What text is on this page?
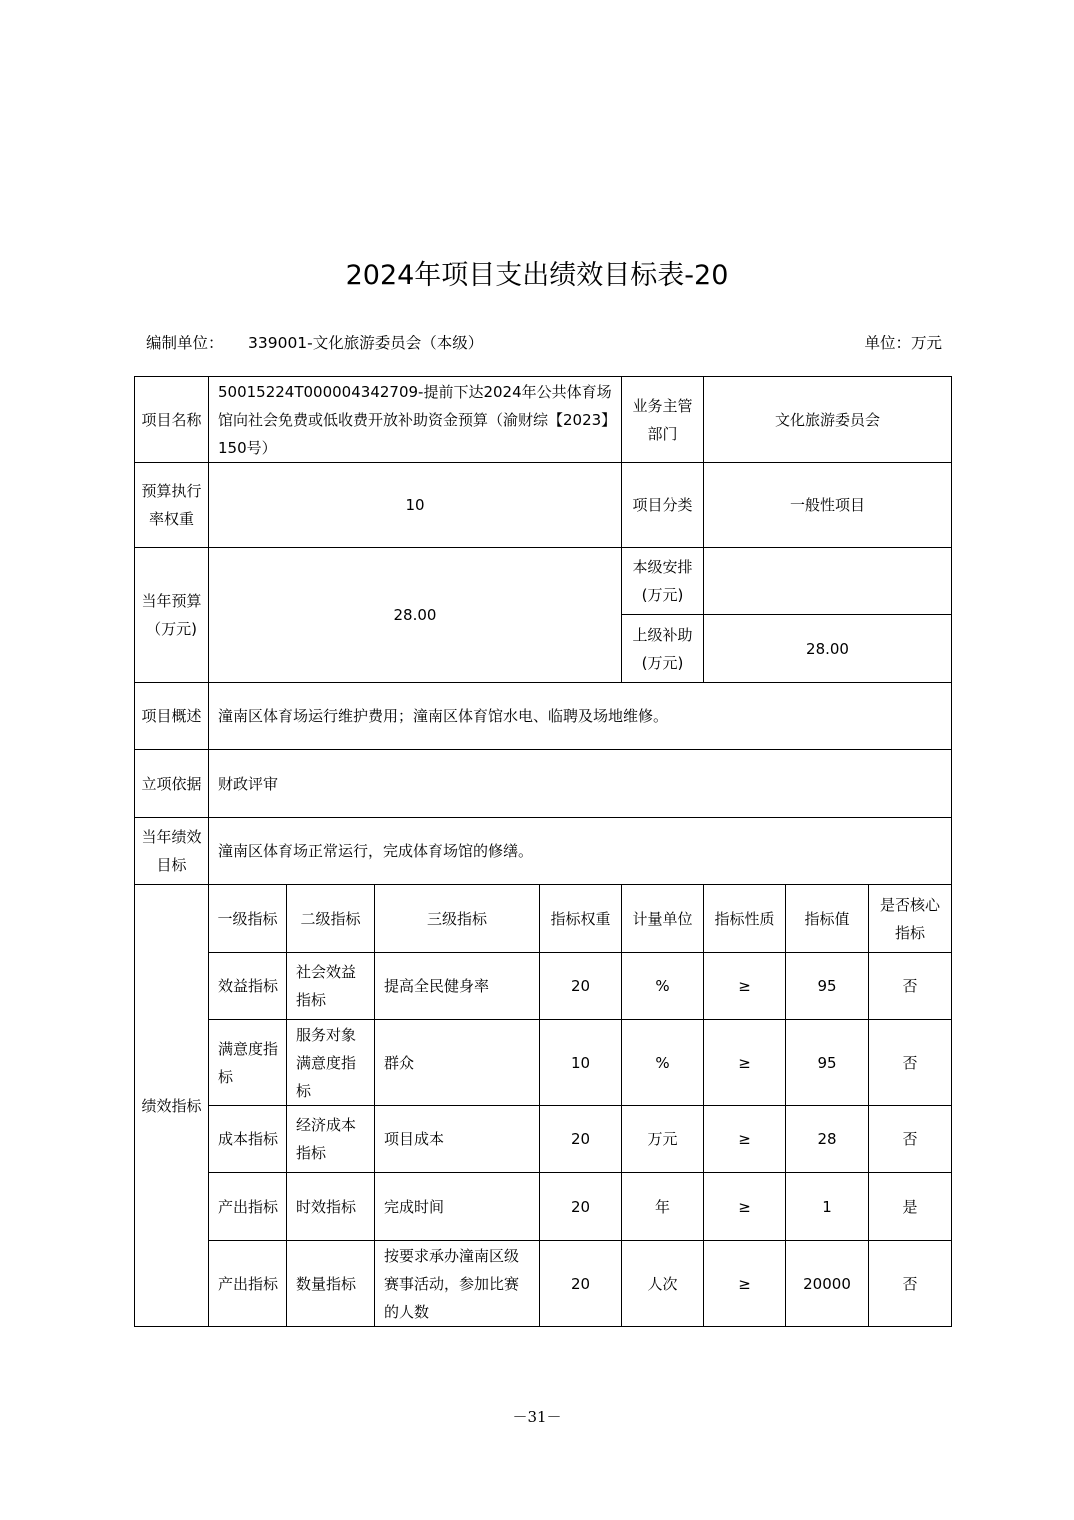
2024年项目支出绩效目标表-20
编制单位： 339001-文化旅游委员会（本级）	单位：万元
项目名称	50015224T000004342709-提前下达2024年公共体育场馆向社会免费或低收费开放补助资金预算（渝财综【2023】150号）				业务主管部门	文化旅游委员会		
预算执行率权重	10				项目分类	一般性项目		
当年预算（万元)	28.00				本级安排(万元)			
					上级补助(万元)	28.00		
项目概述	潼南区体育场运行维护费用；潼南区体育馆水电、临聘及场地维修。							
立项依据	财政评审							
当年绩效目标	潼南区体育场正常运行，完成体育场馆的修缮。							
绩效指标	一级指标	二级指标	三级指标	指标权重	计量单位	指标性质	指标值	是否核心指标
	效益指标	社会效益指标	提高全民健身率	20	%	≥	95	否
	满意度指标	服务对象满意度指标	群众	10	%	≥	95	否
	成本指标	经济成本指标	项目成本	20	万元	≥	28	否
	产出指标	时效指标	完成时间	20	年	≥	1	是
	产出指标	数量指标	按要求承办潼南区级赛事活动，参加比赛的人数	20	人次	≥	20000	否
－31－
